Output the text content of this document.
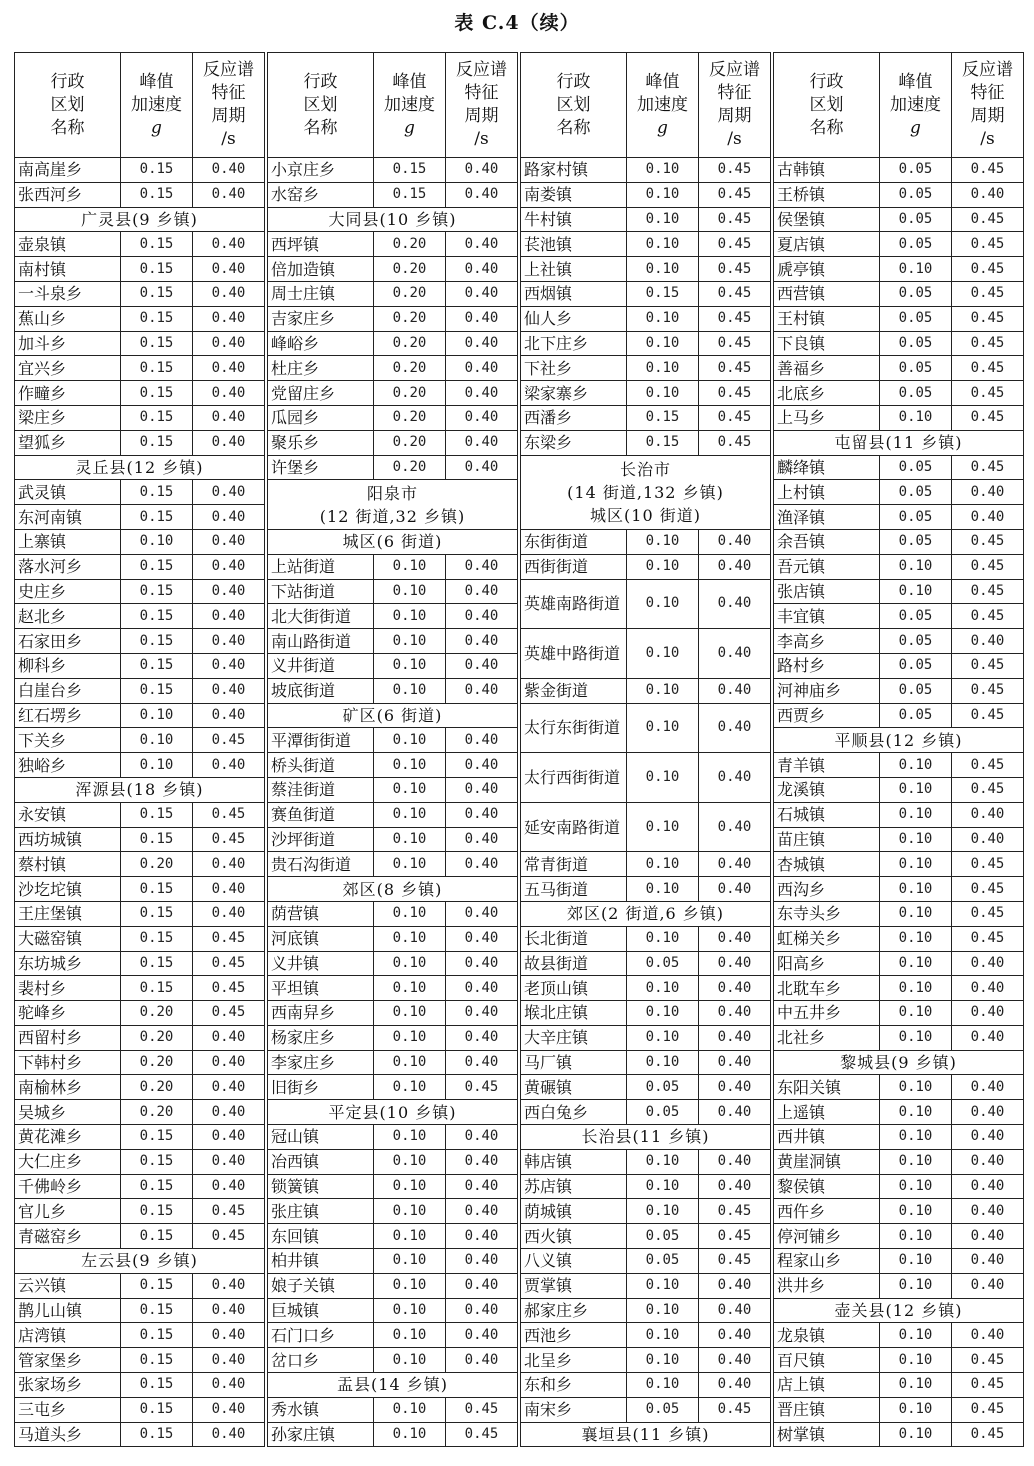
表 C.4（续）
行政
区划
名称	峰值
加速度
g	反应谱
特征
周期
/s
南高崖乡	0.15	0.40
张西河乡	0.15	0.40
广灵县(9 乡镇)		
壶泉镇	0.15	0.40
南村镇	0.15	0.40
一斗泉乡	0.15	0.40
蕉山乡	0.15	0.40
加斗乡	0.15	0.40
宜兴乡	0.15	0.40
作疃乡	0.15	0.40
梁庄乡	0.15	0.40
望狐乡	0.15	0.40
灵丘县(12 乡镇)		
武灵镇	0.15	0.40
东河南镇	0.15	0.40
上寨镇	0.10	0.40
落水河乡	0.15	0.40
史庄乡	0.15	0.40
赵北乡	0.15	0.40
石家田乡	0.15	0.40
柳科乡	0.15	0.40
白崖台乡	0.15	0.40
红石塄乡	0.10	0.40
下关乡	0.10	0.45
独峪乡	0.10	0.40
浑源县(18 乡镇)		
永安镇	0.15	0.45
西坊城镇	0.15	0.45
蔡村镇	0.20	0.40
沙圪坨镇	0.15	0.40
王庄堡镇	0.15	0.40
大磁窑镇	0.15	0.45
东坊城乡	0.15	0.45
裴村乡	0.15	0.45
驼峰乡	0.20	0.45
西留村乡	0.20	0.40
下韩村乡	0.20	0.40
南榆林乡	0.20	0.40
吴城乡	0.20	0.40
黄花滩乡	0.15	0.40
大仁庄乡	0.15	0.40
千佛岭乡	0.15	0.40
官儿乡	0.15	0.45
青磁窑乡	0.15	0.45
左云县(9 乡镇)		
云兴镇	0.15	0.40
鹊儿山镇	0.15	0.40
店湾镇	0.15	0.40
管家堡乡	0.15	0.40
张家场乡	0.15	0.40
三屯乡	0.15	0.40
马道头乡	0.15	0.40
行政
区划
名称	峰值
加速度
g	反应谱
特征
周期
/s
小京庄乡	0.15	0.40
水窑乡	0.15	0.40
大同县(10 乡镇)		
西坪镇	0.20	0.40
倍加造镇	0.20	0.40
周士庄镇	0.20	0.40
吉家庄乡	0.20	0.40
峰峪乡	0.20	0.40
杜庄乡	0.20	0.40
党留庄乡	0.20	0.40
瓜园乡	0.20	0.40
聚乐乡	0.20	0.40
许堡乡	0.20	0.40
阳泉市
(12 街道,32 乡镇)		
城区(6 街道)		
上站街道	0.10	0.40
下站街道	0.10	0.40
北大街街道	0.10	0.40
南山路街道	0.10	0.40
义井街道	0.10	0.40
坡底街道	0.10	0.40
矿区(6 街道)		
平潭街街道	0.10	0.40
桥头街道	0.10	0.40
蔡洼街道	0.10	0.40
赛鱼街道	0.10	0.40
沙坪街道	0.10	0.40
贵石沟街道	0.10	0.40
郊区(8 乡镇)		
荫营镇	0.10	0.40
河底镇	0.10	0.40
义井镇	0.10	0.40
平坦镇	0.10	0.40
西南舁乡	0.10	0.40
杨家庄乡	0.10	0.40
李家庄乡	0.10	0.40
旧街乡	0.10	0.45
平定县(10 乡镇)		
冠山镇	0.10	0.40
冶西镇	0.10	0.40
锁簧镇	0.10	0.40
张庄镇	0.10	0.40
东回镇	0.10	0.40
柏井镇	0.10	0.40
娘子关镇	0.10	0.40
巨城镇	0.10	0.40
石门口乡	0.10	0.40
岔口乡	0.10	0.40
盂县(14 乡镇)		
秀水镇	0.10	0.45
孙家庄镇	0.10	0.45
行政
区划
名称	峰值
加速度
g	反应谱
特征
周期
/s
路家村镇	0.10	0.45
南娄镇	0.10	0.45
牛村镇	0.10	0.45
苌池镇	0.10	0.45
上社镇	0.10	0.45
西烟镇	0.15	0.45
仙人乡	0.10	0.45
北下庄乡	0.10	0.45
下社乡	0.10	0.45
梁家寨乡	0.10	0.45
西潘乡	0.15	0.45
东梁乡	0.15	0.45
长治市
(14 街道,132 乡镇)
城区(10 街道)		
东街街道	0.10	0.40
西街街道	0.10	0.40
英雄南路街道	0.10	0.40
英雄中路街道	0.10	0.40
紫金街道	0.10	0.40
太行东街街道	0.10	0.40
太行西街街道	0.10	0.40
延安南路街道	0.10	0.40
常青街道	0.10	0.40
五马街道	0.10	0.40
郊区(2 街道,6 乡镇)		
长北街道	0.10	0.40
故县街道	0.05	0.40
老顶山镇	0.10	0.40
堠北庄镇	0.10	0.40
大辛庄镇	0.10	0.40
马厂镇	0.10	0.40
黄碾镇	0.05	0.40
西白兔乡	0.05	0.40
长治县(11 乡镇)		
韩店镇	0.10	0.40
苏店镇	0.10	0.40
荫城镇	0.10	0.45
西火镇	0.05	0.45
八义镇	0.05	0.45
贾掌镇	0.10	0.40
郝家庄乡	0.10	0.40
西池乡	0.10	0.40
北呈乡	0.10	0.40
东和乡	0.10	0.40
南宋乡	0.05	0.45
襄垣县(11 乡镇)		
行政
区划
名称	峰值
加速度
g	反应谱
特征
周期
/s
古韩镇	0.05	0.45
王桥镇	0.05	0.40
侯堡镇	0.05	0.45
夏店镇	0.05	0.45
虒亭镇	0.10	0.45
西营镇	0.05	0.45
王村镇	0.05	0.45
下良镇	0.05	0.45
善福乡	0.05	0.45
北底乡	0.05	0.45
上马乡	0.10	0.45
屯留县(11 乡镇)		
麟绛镇	0.05	0.45
上村镇	0.05	0.40
渔泽镇	0.05	0.40
余吾镇	0.05	0.45
吾元镇	0.10	0.45
张店镇	0.10	0.45
丰宜镇	0.05	0.45
李高乡	0.05	0.40
路村乡	0.05	0.45
河神庙乡	0.05	0.45
西贾乡	0.05	0.45
平顺县(12 乡镇)		
青羊镇	0.10	0.45
龙溪镇	0.10	0.45
石城镇	0.10	0.40
苗庄镇	0.10	0.40
杏城镇	0.10	0.45
西沟乡	0.10	0.45
东寺头乡	0.10	0.45
虹梯关乡	0.10	0.45
阳高乡	0.10	0.40
北耽车乡	0.10	0.40
中五井乡	0.10	0.40
北社乡	0.10	0.40
黎城县(9 乡镇)		
东阳关镇	0.10	0.40
上遥镇	0.10	0.40
西井镇	0.10	0.40
黄崖洞镇	0.10	0.40
黎侯镇	0.10	0.40
西仵乡	0.10	0.40
停河铺乡	0.10	0.40
程家山乡	0.10	0.40
洪井乡	0.10	0.40
壶关县(12 乡镇)		
龙泉镇	0.10	0.40
百尺镇	0.10	0.45
店上镇	0.10	0.45
晋庄镇	0.10	0.45
树掌镇	0.10	0.45
